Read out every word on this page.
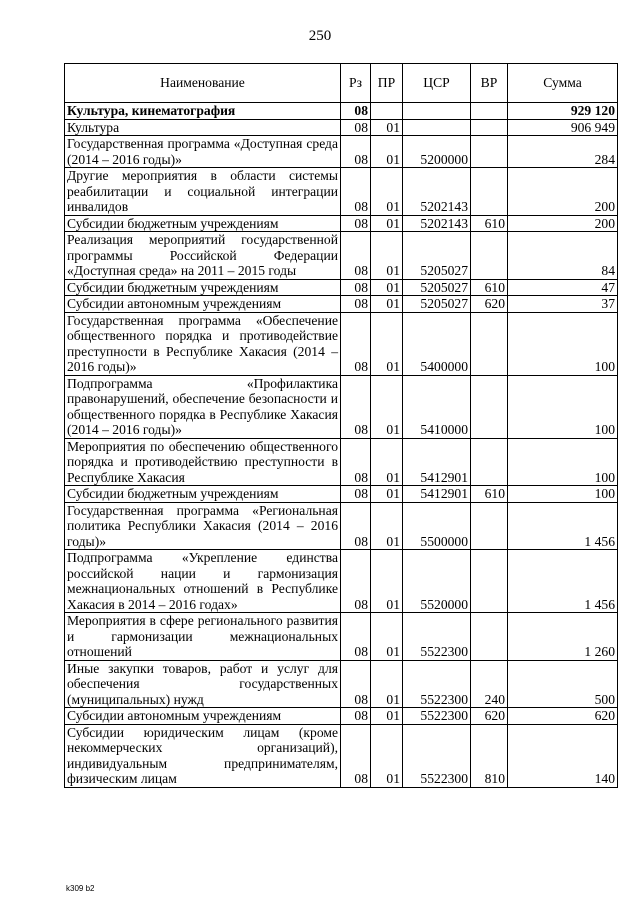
250
Наименование	Рз	ПР	ЦСР	ВР	Сумма
Культура, кинематография	08				929 120
Культура	08	01			906 949
Государственная программа «Доступная среда (2014 – 2016 годы)»	08	01	5200000		284
Другие мероприятия в области системы реабилитации и социальной интеграции инвалидов	08	01	5202143		200
Субсидии бюджетным учреждениям	08	01	5202143	610	200
Реализация мероприятий государственной программы Российской Федерации «Доступная среда» на 2011 – 2015 годы	08	01	5205027		84
Субсидии бюджетным учреждениям	08	01	5205027	610	47
Субсидии автономным учреждениям	08	01	5205027	620	37
Государственная программа «Обеспечение общественного порядка и противодействие преступности в Республике Хакасия (2014 – 2016 годы)»	08	01	5400000		100
Подпрограмма «Профилактика правонарушений, обеспечение безопасности и общественного порядка в Республике Хакасия (2014 – 2016 годы)»	08	01	5410000		100
Мероприятия по обеспечению общественного порядка и противодействию преступности в Республике Хакасия	08	01	5412901		100
Субсидии бюджетным учреждениям	08	01	5412901	610	100
Государственная программа «Региональная политика Республики Хакасия (2014 – 2016 годы)»	08	01	5500000		1 456
Подпрограмма «Укрепление единства российской нации и гармонизация межнациональных отношений в Республике Хакасия в 2014 – 2016 годах»	08	01	5520000		1 456
Мероприятия в сфере регионального развития и гармонизации межнациональных отношений	08	01	5522300		1 260
Иные закупки товаров, работ и услуг для обеспечения государственных (муниципальных) нужд	08	01	5522300	240	500
Субсидии автономным учреждениям	08	01	5522300	620	620
Субсидии юридическим лицам (кроме некоммерческих организаций), индивидуальным предпринимателям, физическим лицам	08	01	5522300	810	140
k309 b2
